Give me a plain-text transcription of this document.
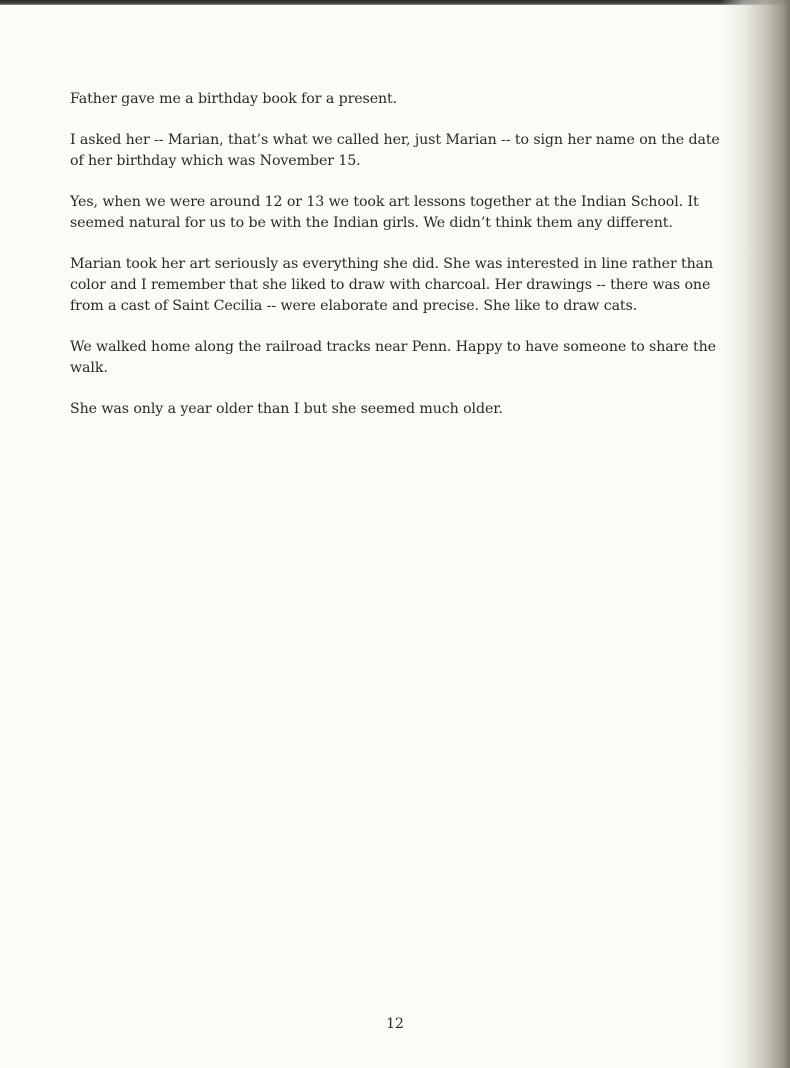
Father gave me a birthday book for a present.

I asked her -- Marian, that’s what we called her, just Marian -- to sign her name on the date of her birthday which was November 15.

Yes, when we were around 12 or 13 we took art lessons together at the Indian School. It seemed natural for us to be with the Indian girls. We didn’t think them any different.

Marian took her art seriously as everything she did. She was interested in line rather than color and I remember that she liked to draw with charcoal. Her drawings -- there was one from a cast of Saint Cecilia -- were elaborate and precise. She like to draw cats.

We walked home along the railroad tracks near Penn. Happy to have someone to share the walk.

She was only a year older than I but she seemed much older.

12
